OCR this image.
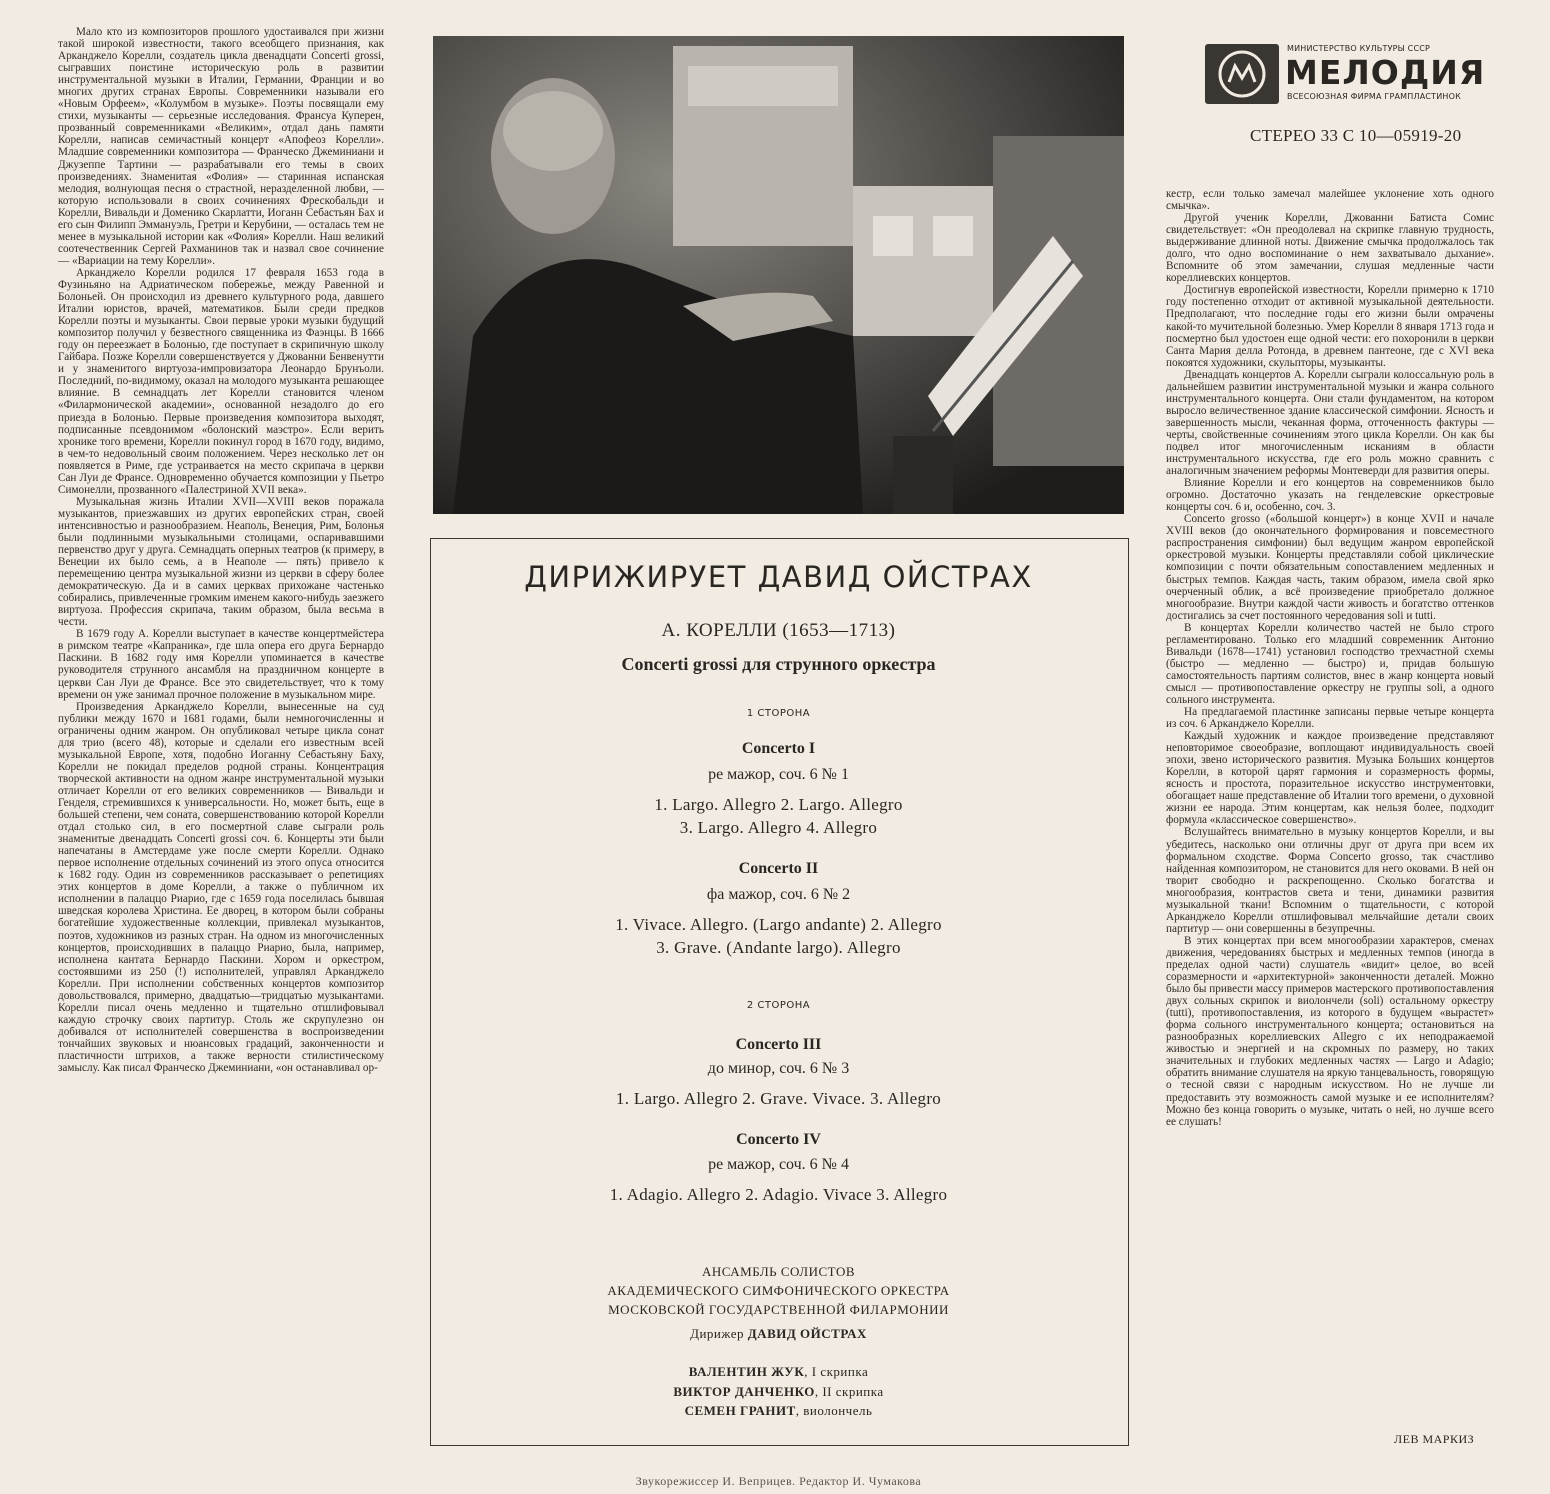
Мало кто из композиторов прошлого удостаивался при жизни такой широкой известности, такого всеобщего признания, как Арканджело Корелли, создатель цикла двенадцати Concerti grossi, сыгравших поистине историческую роль в развитии инструментальной музыки в Италии, Германии, Франции и во многих других странах Европы. Современники называли его «Новым Орфеем», «Колумбом в музыке». Поэты посвящали ему стихи, музыканты — серьезные исследования. Франсуа Куперен, прозванный современниками «Великим», отдал дань памяти Корелли, написав семичастный концерт «Апофеоз Корелли». Младшие современники композитора — Франческо Джеминиани и Джузеппе Тартини — разрабатывали его темы в своих произведениях. Знаменитая «Фолия» — старинная испанская мелодия, волнующая песня о страстной, неразделенной любви, — которую использовали в своих сочинениях Фрескобальди и Корелли, Вивальди и Доменико Скарлатти, Иоганн Себастьян Бах и его сын Филипп Эммануэль, Гретри и Керубини, — осталась тем не менее в музыкальной истории как «Фолия» Корелли. Наш великий соотечественник Сергей Рахманинов так и назвал свое сочинение — «Вариации на тему Корелли».

Арканджело Корелли родился 17 февраля 1653 года в Фузиньяно на Адриатическом побережье, между Равенной и Болоньей. Он происходил из древнего культурного рода, давшего Италии юристов, врачей, математиков. Были среди предков Корелли поэты и музыканты. Свои первые уроки музыки будущий композитор получил у безвестного священника из Фаэнцы. В 1666 году он переезжает в Болонью, где поступает в скрипичную школу Гайбара. Позже Корелли совершенствуется у Джованни Бенвенутти и у знаменитого виртуоза-импровизатора Леонардо Брунъоли. Последний, по-видимому, оказал на молодого музыканта решающее влияние. В семнадцать лет Корелли становится членом «Филармонической академии», основанной незадолго до его приезда в Болонью. Первые произведения композитора выходят, подписанные псевдонимом «болонский маэстро». Если верить хронике того времени, Корелли покинул город в 1670 году, видимо, в чем-то недовольный своим положением. Через несколько лет он появляется в Риме, где устраивается на место скрипача в церкви Сан Луи де Франсе. Одновременно обучается композиции у Пьетро Симонелли, прозванного «Палестриной XVII века».

Музыкальная жизнь Италии XVII—XVIII веков поражала музыкантов, приезжавших из других европейских стран, своей интенсивностью и разнообразием. Неаполь, Венеция, Рим, Болонья были подлинными музыкальными столицами, оспаривавшими первенство друг у друга. Семнадцать оперных театров (к примеру, в Венеции их было семь, а в Неаполе — пять) привело к перемещению центра музыкальной жизни из церкви в сферу более демократическую. Да и в самих церквах прихожане частенько собирались, привлеченные громким именем какого-нибудь заезжего виртуоза. Профессия скрипача, таким образом, была весьма в чести.

В 1679 году А. Корелли выступает в качестве концертмейстера в римском театре «Капраника», где шла опера его друга Бернардо Паскини. В 1682 году имя Корелли упоминается в качестве руководителя струнного ансамбля на праздничном концерте в церкви Сан Луи де Франсе. Все это свидетельствует, что к тому времени он уже занимал прочное положение в музыкальном мире.

Произведения Арканджело Корелли, вынесенные на суд публики между 1670 и 1681 годами, были немногочисленны и ограничены одним жанром. Он опубликовал четыре цикла сонат для трио (всего 48), которые и сделали его известным всей музыкальной Европе, хотя, подобно Иоганну Себастьяну Баху, Корелли не покидал пределов родной страны. Концентрация творческой активности на одном жанре инструментальной музыки отличает Корелли от его великих современников — Вивальди и Генделя, стремившихся к универсальности. Но, может быть, еще в большей степени, чем соната, совершенствованию которой Корелли отдал столько сил, в его посмертной славе сыграли роль знаменитые двенадцать Concerti grossi соч. 6. Концерты эти были напечатаны в Амстердаме уже после смерти Корелли. Однако первое исполнение отдельных сочинений из этого опуса относится к 1682 году. Один из современников рассказывает о репетициях этих концертов в доме Корелли, а также о публичном их исполнении в палаццо Риарио, где с 1659 года поселилась бывшая шведская королева Христина. Ее дворец, в котором были собраны богатейшие художественные коллекции, привлекал музыкантов, поэтов, художников из разных стран. На одном из многочисленных концертов, происходивших в палаццо Риарио, была, например, исполнена кантата Бернардо Паскини. Хором и оркестром, состоявшими из 250 (!) исполнителей, управлял Арканджело Корелли. При исполнении собственных концертов композитор довольствовался, примерно, двадцатью—тридцатью музыкантами. Корелли писал очень медленно и тщательно отшлифовывал каждую строчку своих партитур. Столь же скрупулезно он добивался от исполнителей совершенства в воспроизведении тончайших звуковых и нюансовых градаций, законченности и пластичности штрихов, а также верности стилистическому замыслу. Как писал Франческо Джеминиани, «он останавливал ор-

МИНИСТЕРСТВО КУЛЬТУРЫ СССР
МЕЛОДИЯ
ВСЕСОЮЗНАЯ ФИРМА ГРАМПЛАСТИНОК
СТЕРЕО 33 С 10—05919-20

кестр, если только замечал малейшее уклонение хоть одного смычка».

Другой ученик Корелли, Джованни Батиста Сомис свидетельствует: «Он преодолевал на скрипке главную трудность, выдерживание длинной ноты. Движение смычка продолжалось так долго, что одно воспоминание о нем захватывало дыхание». Вспомните об этом замечании, слушая медленные части кореллиевских концертов.

Достигнув европейской известности, Корелли примерно к 1710 году постепенно отходит от активной музыкальной деятельности. Предполагают, что последние годы его жизни были омрачены какой-то мучительной болезнью. Умер Корелли 8 января 1713 года и посмертно был удостоен еще одной чести: его похоронили в церкви Санта Мария делла Ротонда, в древнем пантеоне, где с XVI века покоятся художники, скульпторы, музыканты.

Двенадцать концертов А. Корелли сыграли колоссальную роль в дальнейшем развитии инструментальной музыки и жанра сольного инструментального концерта. Они стали фундаментом, на котором выросло величественное здание классической симфонии. Ясность и завершенность мысли, чеканная форма, отточенность фактуры — черты, свойственные сочинениям этого цикла Корелли. Он как бы подвел итог многочисленным исканиям в области инструментального искусства, где его роль можно сравнить с аналогичным значением реформы Монтеверди для развития оперы.

Влияние Корелли и его концертов на современников было огромно. Достаточно указать на генделевские оркестровые концерты соч. 6 и, особенно, соч. 3.

Concerto grosso («большой концерт») в конце XVII и начале XVIII веков (до окончательного формирования и повсеместного распространения симфонии) был ведущим жанром европейской оркестровой музыки. Концерты представляли собой циклические композиции с почти обязательным сопоставлением медленных и быстрых темпов. Каждая часть, таким образом, имела свой ярко очерченный облик, а всё произведение приобретало должное многообразие. Внутри каждой части живость и богатство оттенков достигались за счет постоянного чередования soli и tutti.

В концертах Корелли количество частей не было строго регламентировано. Только его младший современник Антонио Вивальди (1678—1741) установил господство трехчастной схемы (быстро — медленно — быстро) и, придав большую самостоятельность партиям солистов, внес в жанр концерта новый смысл — противопоставление оркестру не группы soli, а одного сольного инструмента.

На предлагаемой пластинке записаны первые четыре концерта из соч. 6 Арканджело Корелли.

Каждый художник и каждое произведение представляют неповторимое своеобразие, воплощают индивидуальность своей эпохи, звено исторического развития. Музыка Больших концертов Корелли, в которой царят гармония и соразмерность формы, ясность и простота, поразительное искусство инструментовки, обогащает наше представление об Италии того времени, о духовной жизни ее народа. Этим концертам, как нельзя более, подходит формула «классическое совершенство».

Вслушайтесь внимательно в музыку концертов Корелли, и вы убедитесь, насколько они отличны друг от друга при всем их формальном сходстве. Форма Concerto grosso, так счастливо найденная композитором, не становится для него оковами. В ней он творит свободно и раскрепощенно. Сколько богатства и многообразия, контрастов света и тени, динамики развития музыкальной ткани! Вспомним о тщательности, с которой Арканджело Корелли отшлифовывал мельчайшие детали своих партитур — они совершенны в безупречны.

В этих концертах при всем многообразии характеров, сменах движения, чередованиях быстрых и медленных темпов (иногда в пределах одной части) слушатель «видит» целое, во всей соразмерности и «архитектурной» законченности деталей. Можно было бы привести массу примеров мастерского противопоставления двух сольных скрипок и виолончели (soli) остальному оркестру (tutti), противопоставления, из которого в будущем «вырастет» форма сольного инструментального концерта; остановиться на разнообразных кореллиевских Allegro с их неподражаемой живостью и энергией и на скромных по размеру, но таких значительных и глубоких медленных частях — Largo и Adagio; обратить внимание слушателя на яркую танцевальность, говорящую о тесной связи с народным искусством. Но не лучше ли предоставить эту возможность самой музыке и ее исполнителям? Можно без конца говорить о музыке, читать о ней, но лучше всего ее слушать!

ЛЕВ МАРКИЗ
ДИРИЖИРУЕТ ДАВИД ОЙСТРАХ
А. КОРЕЛЛИ (1653—1713)
Concerti grossi для струнного оркестра
1 СТОРОНА
Concerto I
ре мажор, соч. 6 № 1
1. Largo. Allegro 2. Largo. Allegro
3. Largo. Allegro 4. Allegro
Concerto II
фа мажор, соч. 6 № 2
1. Vivace. Allegro. (Largo andante) 2. Allegro
3. Grave. (Andante largo). Allegro
2 СТОРОНА
Concerto III
до минор, соч. 6 № 3
1. Largo. Allegro 2. Grave. Vivace. 3. Allegro
Concerto IV
ре мажор, соч. 6 № 4
1. Adagio. Allegro 2. Adagio. Vivace 3. Allegro
АНСАМБЛЬ СОЛИСТОВ
АКАДЕМИЧЕСКОГО СИМФОНИЧЕСКОГО ОРКЕСТРА
МОСКОВСКОЙ ГОСУДАРСТВЕННОЙ ФИЛАРМОНИИ
Дирижер ДАВИД ОЙСТРАХ
ВАЛЕНТИН ЖУК, I скрипка
ВИКТОР ДАНЧЕНКО, II скрипка
СЕМЕН ГРАНИТ, виолончель
Звукорежиссер И. Веприцев. Редактор И. Чумакова
